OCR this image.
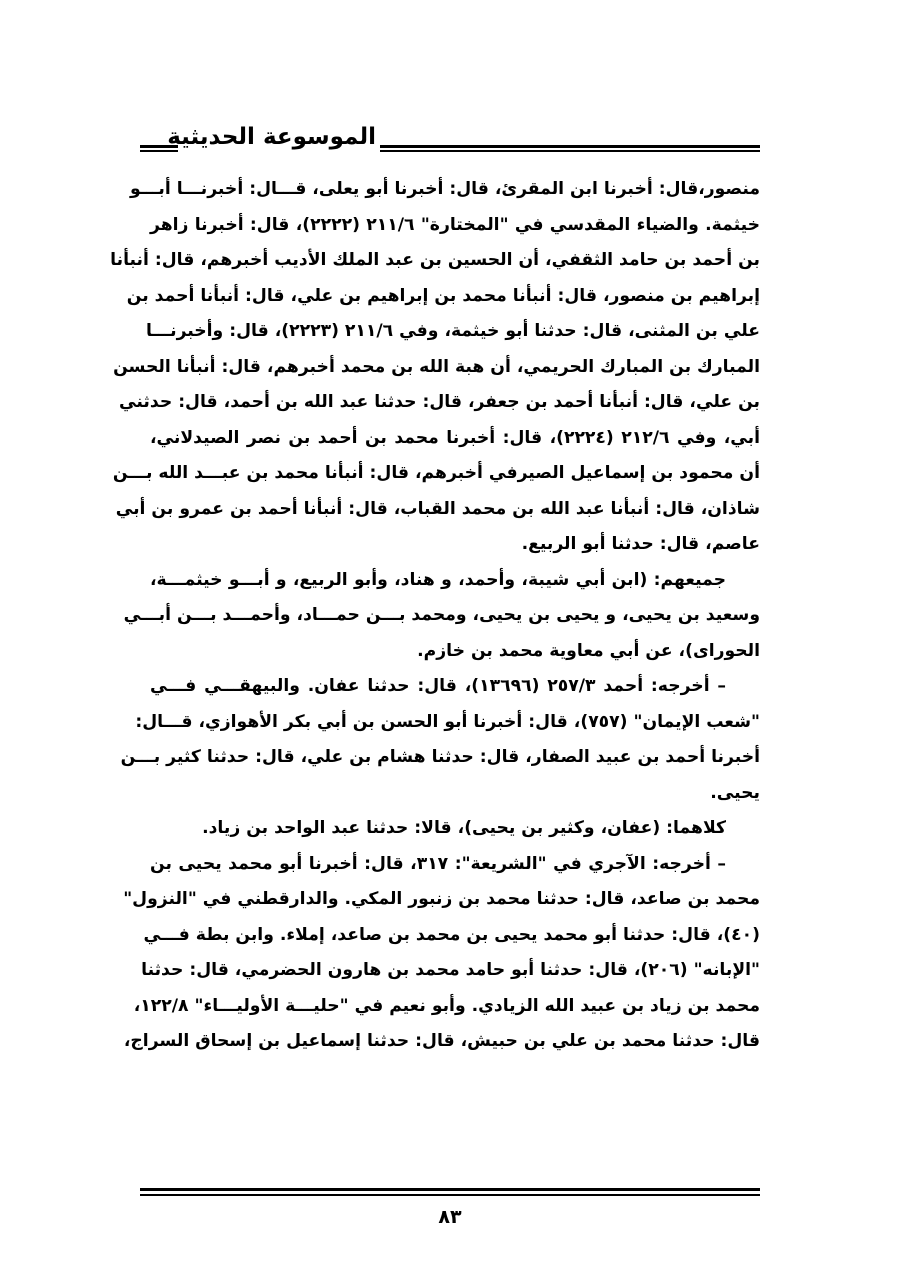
الموسوعة الحديثية
منصور،قال: أخبرنا ابن المقرئ، قال: أخبرنا أبو يعلى، قـــال: أخبرنـــا أبـــو
خيثمة. والضياء المقدسي في "المختارة" ٢١١/٦ (٢٢٢٢)، قال: أخبرنا زاهر
بن أحمد بن حامد الثقفي، أن الحسين بن عبد الملك الأديب أخبرهم، قال: أنبأنا
إبراهيم بن منصور، قال: أنبأنا محمد بن إبراهيم بن علي، قال: أنبأنا أحمد بن
علي بن المثنى، قال: حدثنا أبو خيثمة، وفي ٢١١/٦ (٢٢٢٣)، قال: وأخبرنـــا
المبارك بن المبارك الحريمي، أن هبة الله بن محمد أخبرهم، قال: أنبأنا الحسن
بن علي، قال: أنبأنا أحمد بن جعفر، قال: حدثنا عبد الله بن أحمد، قال: حدثني
أبي، وفي ٢١٢/٦ (٢٢٢٤)، قال: أخبرنا محمد بن أحمد بن نصر الصيدلاني،
أن محمود بن إسماعيل الصيرفي أخبرهم، قال: أنبأنا محمد بن عبـــد الله بـــن
شاذان، قال: أنبأنا عبد الله بن محمد القباب، قال: أنبأنا أحمد بن عمرو بن أبي
عاصم، قال: حدثنا أبو الربيع.
جميعهم: (ابن أبي شيبة، وأحمد، و هناد، وأبو الربيع، و أبـــو خيثمـــة،
وسعيد بن يحيى، و يحيى بن يحيى، ومحمد بـــن حمـــاد، وأحمـــد بـــن أبـــي
الحوراى)، عن أبي معاوية محمد بن خازم.
– أخرجه: أحمد ٢٥٧/٣ (١٣٦٩٦)، قال: حدثنا عفان. والبيهقـــي فـــي
"شعب الإيمان" (٧٥٧)، قال: أخبرنا أبو الحسن بن أبي بكر الأهوازي، قـــال:
أخبرنا أحمد بن عبيد الصفار، قال: حدثنا هشام بن علي، قال: حدثنا كثير بـــن
يحيى.
كلاهما: (عفان، وكثير بن يحيى)، قالا: حدثنا عبد الواحد بن زياد.
– أخرجه: الآجري في "الشريعة": ٣١٧، قال: أخبرنا أبو محمد يحيى بن
محمد بن صاعد، قال: حدثنا محمد بن زنبور المكي. والدارقطني في "النزول"
(٤٠)، قال: حدثنا أبو محمد يحيى بن محمد بن صاعد، إملاء. وابن بطة فـــي
"الإبانه" (٢٠٦)، قال: حدثنا أبو حامد محمد بن هارون الحضرمي، قال: حدثنا
محمد بن زياد بن عبيد الله الزيادي. وأبو نعيم في "حليـــة الأوليـــاء" ١٢٢/٨،
قال: حدثنا محمد بن علي بن حبيش، قال: حدثنا إسماعيل بن إسحاق السراج،
٨٣
